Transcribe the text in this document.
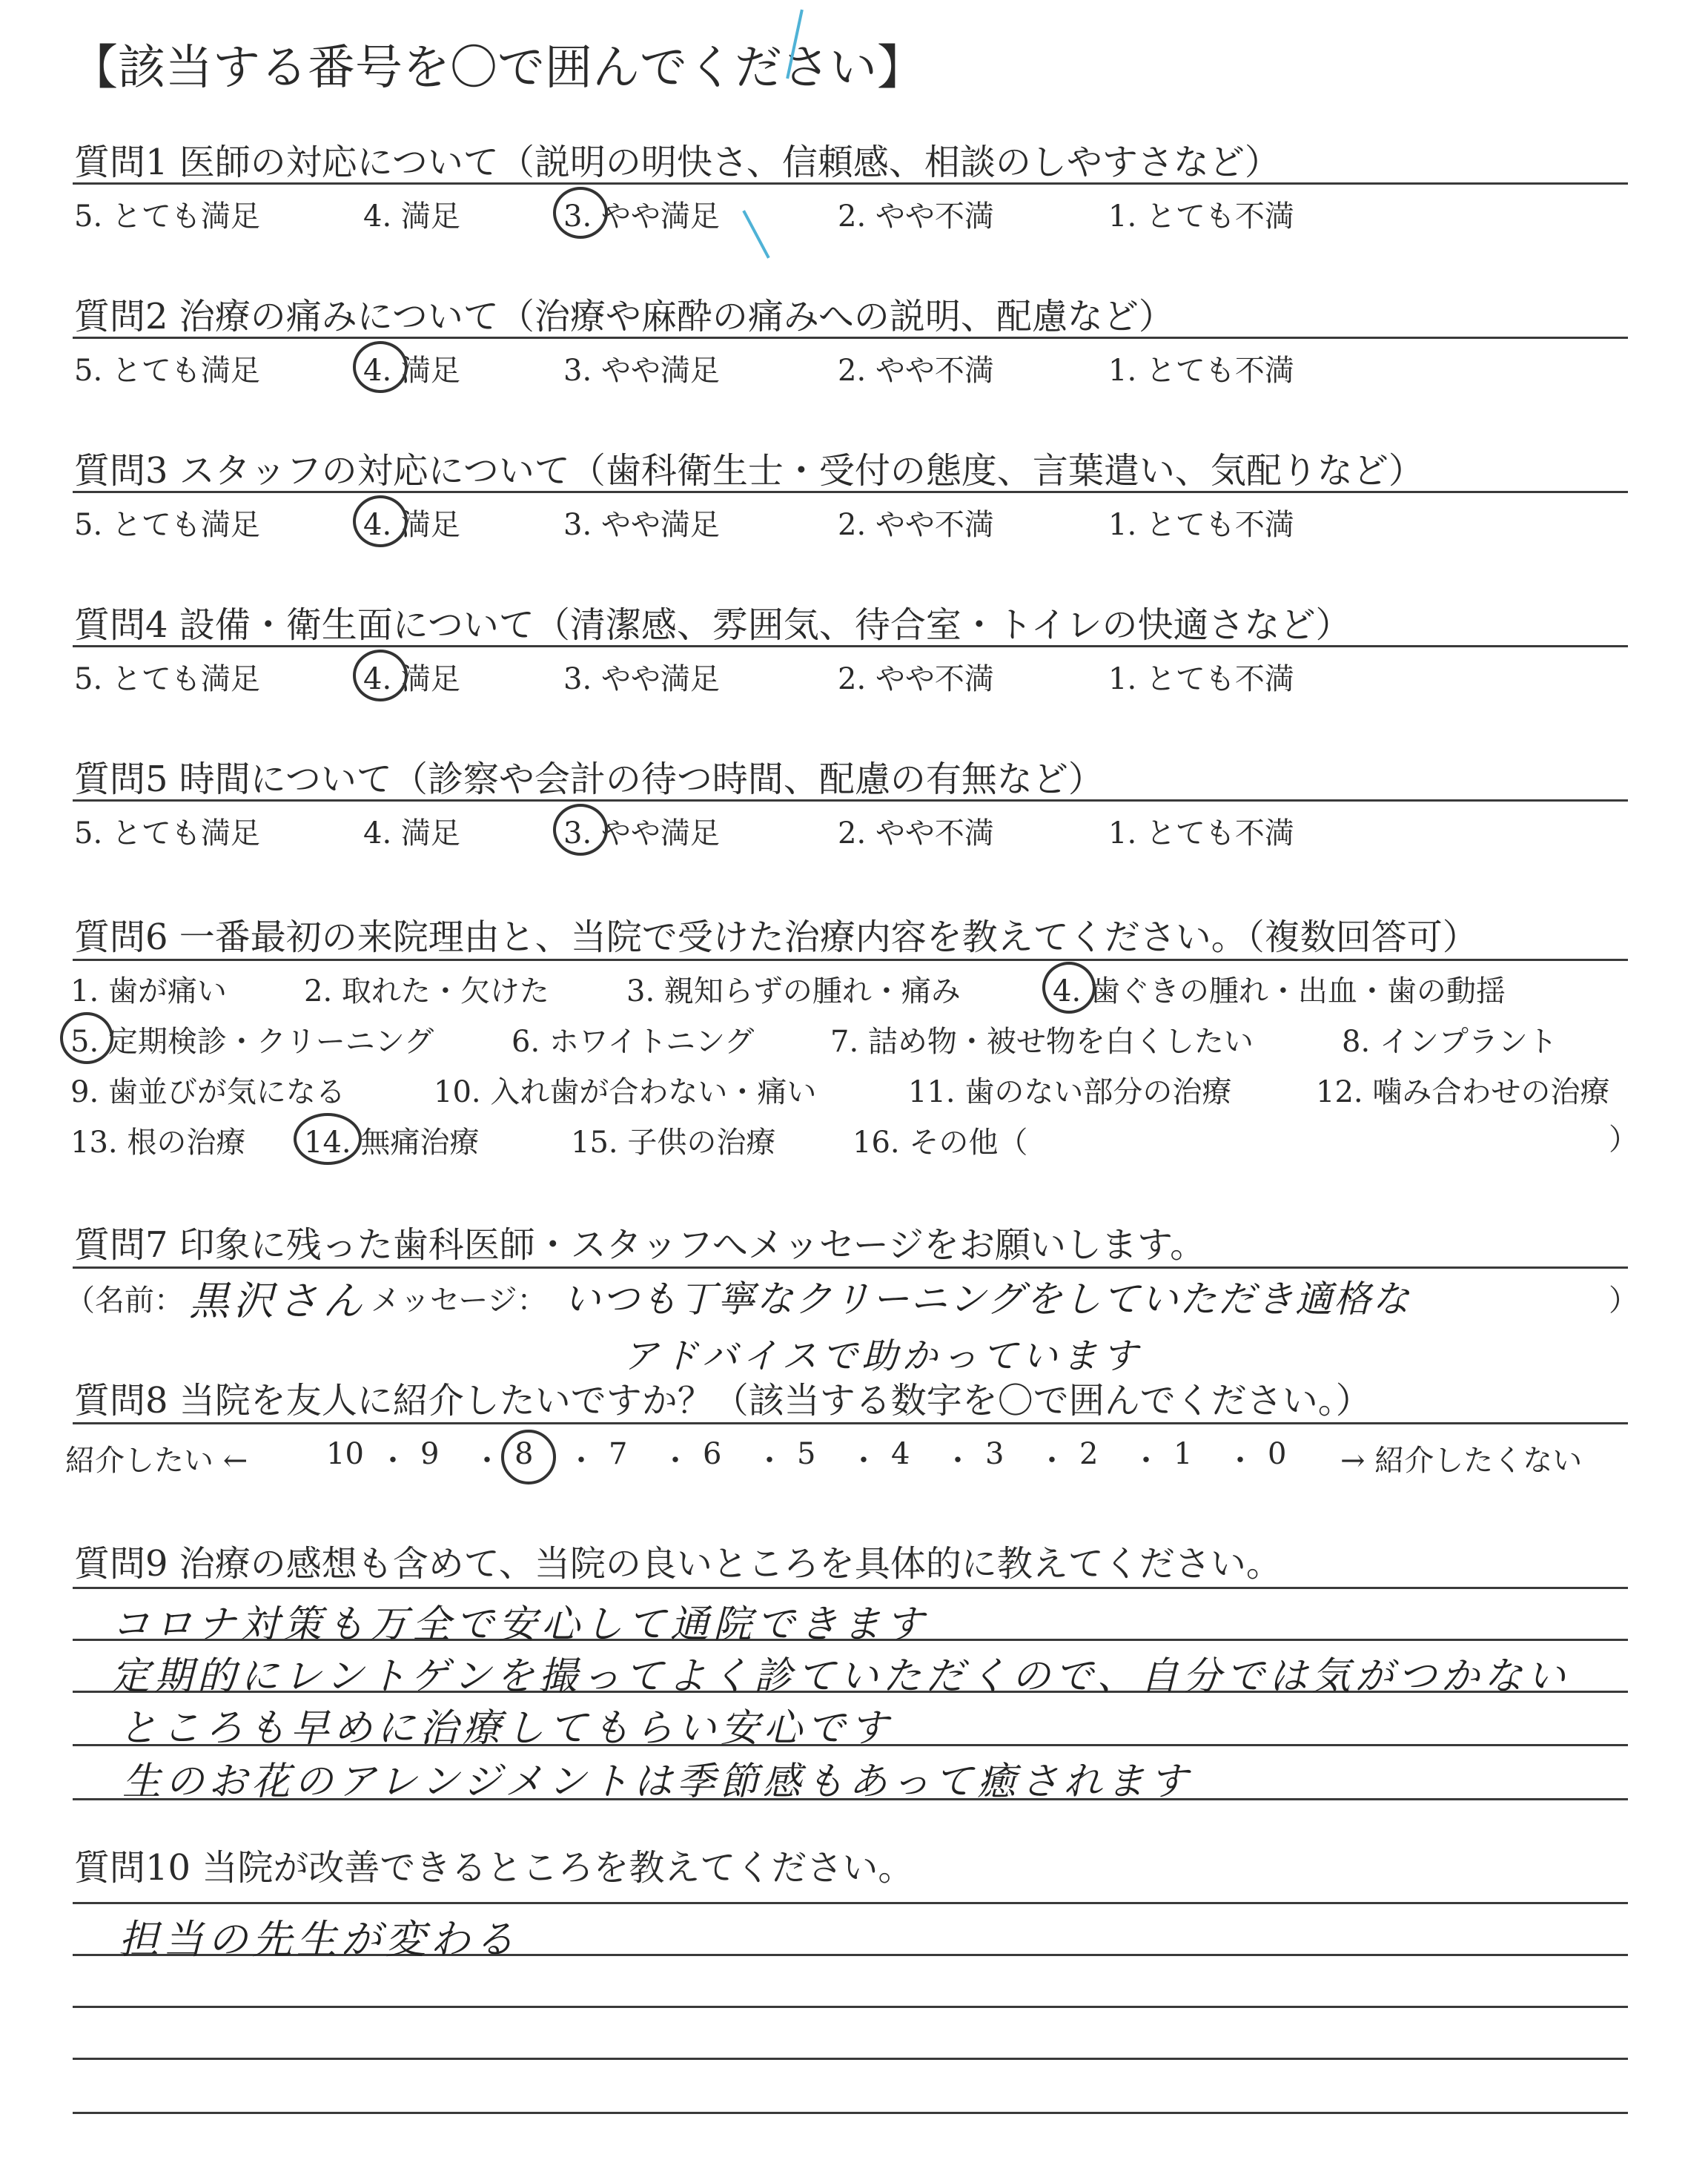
【該当する番号を〇で囲んでください】
質問1 医師の対応について（説明の明快さ、信頼感、相談のしやすさなど）
5. とても満足	4. 満足	3. やや満足	2. やや不満	1. とても不満
質問2 治療の痛みについて（治療や麻酔の痛みへの説明、配慮など）
5. とても満足	4. 満足	3. やや満足	2. やや不満	1. とても不満
質問3 スタッフの対応について（歯科衛生士・受付の態度、言葉遣い、気配りなど）
5. とても満足	4. 満足	3. やや満足	2. やや不満	1. とても不満
質問4 設備・衛生面について（清潔感、雰囲気、待合室・トイレの快適さなど）
5. とても満足	4. 満足	3. やや満足	2. やや不満	1. とても不満
質問5 時間について（診察や会計の待つ時間、配慮の有無など）
5. とても満足	4. 満足	3. やや満足	2. やや不満	1. とても不満
質問6 一番最初の来院理由と、当院で受けた治療内容を教えてください。（複数回答可）
1. 歯が痛い	2. 取れた・欠けた	3. 親知らずの腫れ・痛み	4. 歯ぐきの腫れ・出血・歯の動揺
5. 定期検診・クリーニング	6. ホワイトニング	7. 詰め物・被せ物を白くしたい	8. インプラント
9. 歯並びが気になる	10. 入れ歯が合わない・痛い	11. 歯のない部分の治療	12. 噛み合わせの治療
13. 根の治療 14. 無痛治療	15. 子供の治療	16. その他（	）
質問7 印象に残った歯科医師・スタッフへメッセージをお願いします。
（名前： 黒沢さん メッセージ： いつも丁寧なクリーニングをしていただき適格な
アドバイスで助かっています
）
質問8 当院を友人に紹介したいですか？（該当する数字を〇で囲んでください。）
紹介したい ←	10 ・ 9 ・ 8 ・ 7 ・ 6 ・ 5 ・ 4 ・ 3 ・ 2 ・ 1 ・ 0 → 紹介したくない
質問9 治療の感想も含めて、当院の良いところを具体的に教えてください。
コロナ対策も万全で安心して通院できます
定期的にレントゲンを撮ってよく診ていただくので、自分では気がつかない
ところも早めに治療してもらい安心です
生のお花のアレンジメントは季節感もあって癒されます
質問10 当院が改善できるところを教えてください。
担当の先生が変わる
